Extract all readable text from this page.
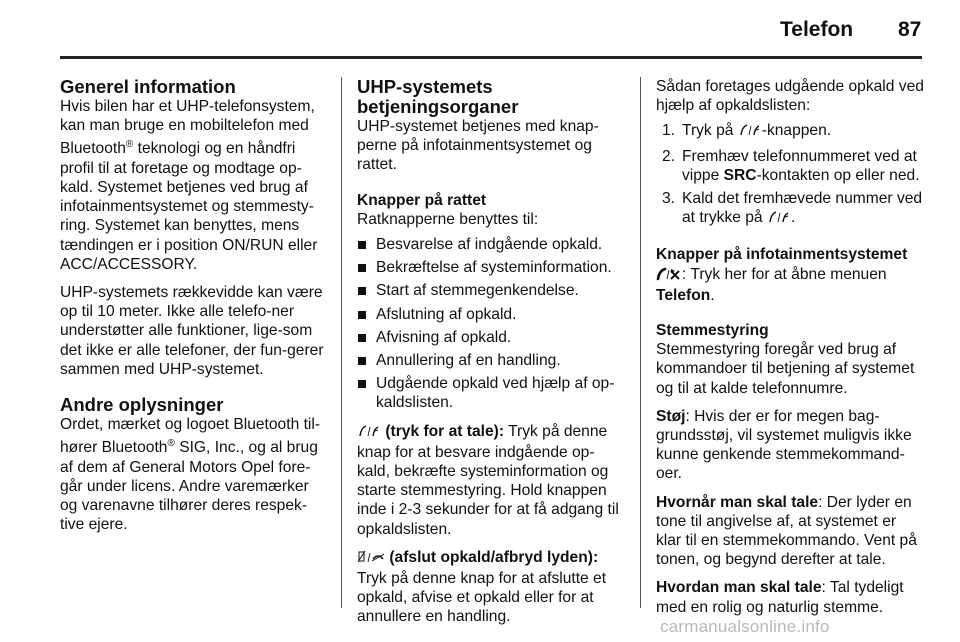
Telefon 87
Generel information

Hvis bilen har et UHP-telefonsystem, kan man bruge en mobiltelefon med Bluetooth® teknologi og en håndfri profil til at foretage og modtage op-kald. Systemet betjenes ved brug af infotainmentsystemet og stemmesty-ring. Systemet kan benyttes, mens tændingen er i position ON/RUN eller ACC/ACCESSORY.

UHP-systemets rækkevidde kan være op til 10 meter. Ikke alle telefo-ner understøtter alle funktioner, lige-som det ikke er alle telefoner, der fun-gerer sammen med UHP-systemet.

Andre oplysninger

Ordet, mærket og logoet Bluetooth til-hører Bluetooth® SIG, Inc., og al brug af dem af General Motors Opel fore-går under licens. Andre varemærker og varenavne tilhører deres respek-tive ejere.

UHP-systemets betjeningsorganer

UHP-systemet betjenes med knap-perne på infotainmentsystemet og rattet.

Knapper på rattet
Ratknapperne benyttes til:
Besvarelse af indgående opkald.
Bekræftelse af systeminformation.
Start af stemmegenkendelse.
Afslutning af opkald.
Afvisning af opkald.
Annullering af en handling.
Udgående opkald ved hjælp af op-kaldslisten.

(tryk for at tale): Tryk på denne knap for at besvare indgående op-kald, bekræfte systeminformation og starte stemmestyring. Hold knappen inde i 2-3 sekunder for at få adgang til opkaldslisten.

(afslut opkald/afbryd lyden):
Tryk på denne knap for at afslutte et opkald, afvise et opkald eller for at annullere en handling.

Sådan foretages udgående opkald ved hjælp af opkaldslisten:

1. Tryk på -knappen.
2. Fremhæv telefonnummeret ved at vippe SRC-kontakten op eller ned.
3. Kald det fremhævede nummer ved at trykke på .
Knapper på infotainmentsystemet
: Tryk her for at åbne menuen
Telefon.
Stemmestyring

Stemmestyring foregår ved brug af kommandoer til betjening af systemet og til at kalde telefonnumre.

Støj: Hvis der er for megen bag-grundsstøj, vil systemet muligvis ikke kunne genkende stemmekommand-oer.

Hvornår man skal tale: Der lyder en tone til angivelse af, at systemet er klar til en stemmekommando. Vent på tonen, og begynd derefter at tale.

Hvordan man skal tale: Tal tydeligt med en rolig og naturlig stemme.

carmanualsonline.info
